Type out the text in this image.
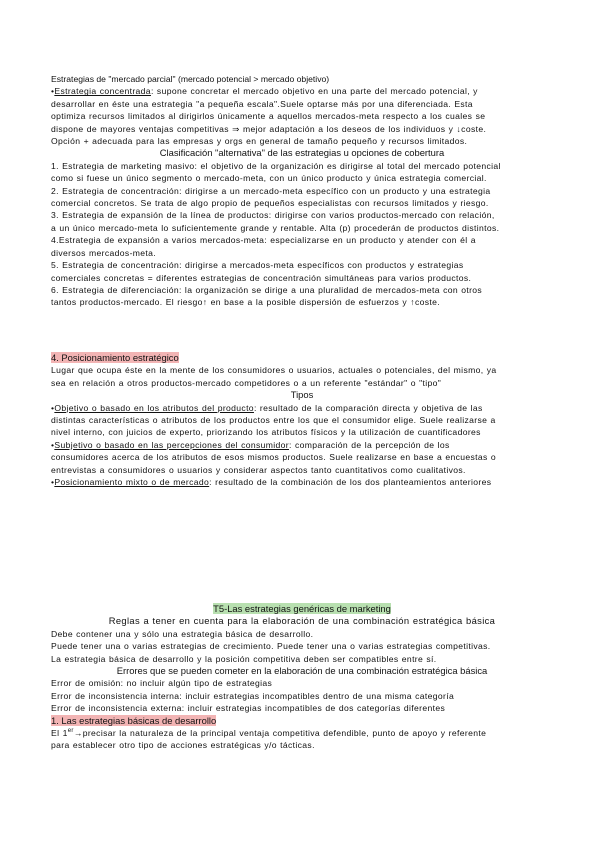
Estrategias de "mercado parcial" (mercado potencial > mercado objetivo)
•Estrategia concentrada: supone concretar el mercado objetivo en una parte del mercado potencial, y
desarrollar en éste una estrategia "a pequeña escala".Suele optarse más por una diferenciada. Esta
optimiza recursos limitados al dirigirlos únicamente a aquellos mercados-meta respecto a los cuales se
dispone de mayores ventajas competitivas ⇒ mejor adaptación a los deseos de los individuos y ↓coste.
Opción + adecuada para las empresas y orgs en general de tamaño pequeño y recursos limitados.
Clasificación "alternativa" de las estrategias u opciones de cobertura
1. Estrategia de marketing masivo: el objetivo de la organización es dirigirse al total del mercado potencial
como si fuese un único segmento o mercado-meta, con un único producto y única estrategia comercial.
2. Estrategia de concentración: dirigirse a un mercado-meta específico con un producto y una estrategia
comercial concretos. Se trata de algo propio de pequeños especialistas con recursos limitados y riesgo.
3. Estrategia de expansión de la línea de productos: dirigirse con varios productos-mercado con relación,
a un único mercado-meta lo suficientemente grande y rentable. Alta (p) procederán de productos distintos.
4.Estrategia de expansión a varios mercados-meta: especializarse en un producto y atender con él a
diversos mercados-meta.
5. Estrategia de concentración: dirigirse a mercados-meta específicos con productos y estrategias
comerciales concretas = diferentes estrategias de concentración simultáneas para varios productos.
6. Estrategia de diferenciación: la organización se dirige a una pluralidad de mercados-meta con otros
tantos productos-mercado. El riesgo↑ en base a la posible dispersión de esfuerzos y ↑coste.
4. Posicionamiento estratégico
Lugar que ocupa éste en la mente de los consumidores o usuarios, actuales o potenciales, del mismo, ya
sea en relación a otros productos-mercado competidores o a un referente "estándar" o "tipo"
Tipos
•Objetivo o basado en los atributos del producto: resultado de la comparación directa y objetiva de las
distintas características o atributos de los productos entre los que el consumidor elige. Suele realizarse a
nivel interno, con juicios de experto, priorizando los atributos físicos y la utilización de cuantificadores
•Subjetivo o basado en las percepciones del consumidor: comparación de la percepción de los
consumidores acerca de los atributos de esos mismos productos. Suele realizarse en base a encuestas o
entrevistas a consumidores o usuarios y considerar aspectos tanto cuantitativos como cualitativos.
•Posicionamiento mixto o de mercado: resultado de la combinación de los dos planteamientos anteriores
T5-Las estrategias genéricas de marketing
Reglas a tener en cuenta para la elaboración de una combinación estratégica básica
Debe contener una y sólo una estrategia básica de desarrollo.
Puede tener una o varias estrategias de crecimiento. Puede tener una o varias estrategias competitivas.
La estrategia básica de desarrollo y la posición competitiva deben ser compatibles entre sí.
Errores que se pueden cometer en la elaboración de una combinación estratégica básica
Error de omisión: no incluir algún tipo de estrategias
Error de inconsistencia interna: incluir estrategias incompatibles dentro de una misma categoría
Error de inconsistencia externa: incluir estrategias incompatibles de dos categorías diferentes
1. Las estrategias básicas de desarrollo
El 1er→precisar la naturaleza de la principal ventaja competitiva defendible, punto de apoyo y referente
para establecer otro tipo de acciones estratégicas y/o tácticas.
